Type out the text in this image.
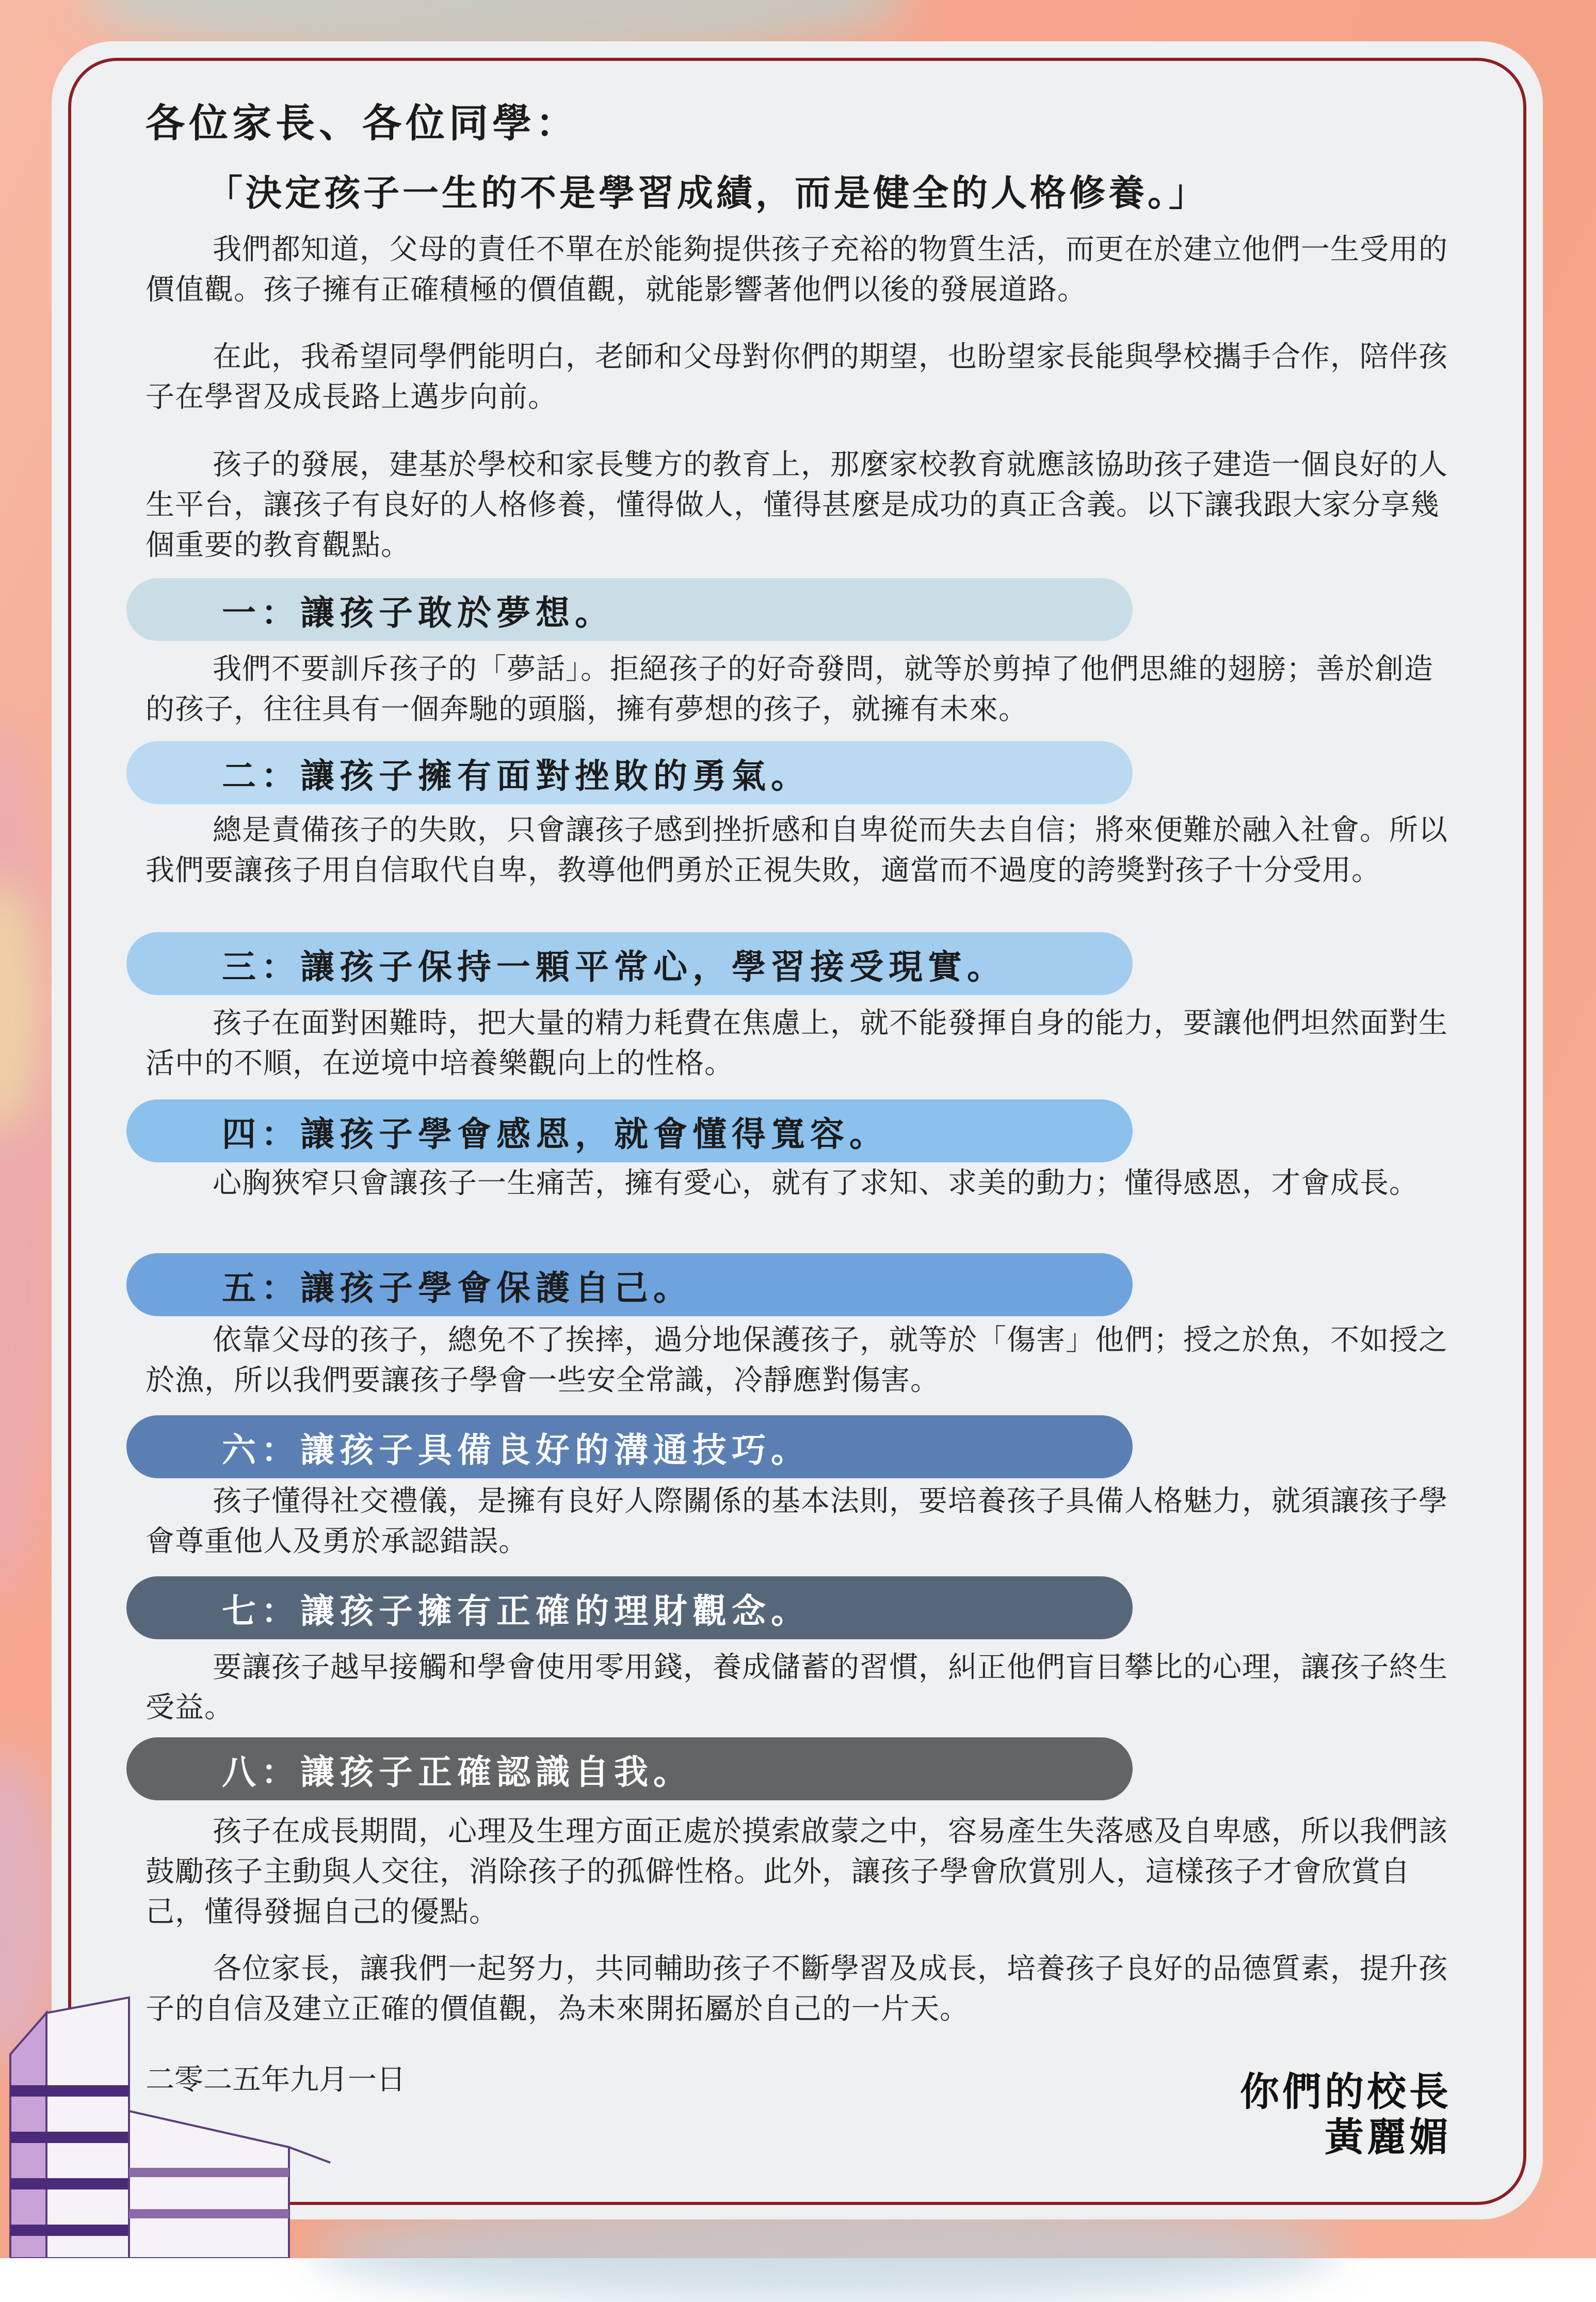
各位家長、各位同學：
「決定孩子一生的不是學習成績，而是健全的人格修養。」
我們都知道，父母的責任不單在於能夠提供孩子充裕的物質生活，而更在於建立他們一生受用的價值觀。孩子擁有正確積極的價值觀，就能影響著他們以後的發展道路。
在此，我希望同學們能明白，老師和父母對你們的期望，也盼望家長能與學校攜手合作，陪伴孩子在學習及成長路上邁步向前。
孩子的發展，建基於學校和家長雙方的教育上，那麼家校教育就應該協助孩子建造一個良好的人生平台，讓孩子有良好的人格修養，懂得做人，懂得甚麼是成功的真正含義。以下讓我跟大家分享幾個重要的教育觀點。
一：讓孩子敢於夢想。
我們不要訓斥孩子的「夢話」。拒絕孩子的好奇發問，就等於剪掉了他們思維的翅膀；善於創造的孩子，往往具有一個奔馳的頭腦，擁有夢想的孩子，就擁有未來。
二：讓孩子擁有面對挫敗的勇氣。
總是責備孩子的失敗，只會讓孩子感到挫折感和自卑從而失去自信；將來便難於融入社會。所以我們要讓孩子用自信取代自卑，教導他們勇於正視失敗，適當而不過度的誇獎對孩子十分受用。
三：讓孩子保持一顆平常心，學習接受現實。
孩子在面對困難時，把大量的精力耗費在焦慮上，就不能發揮自身的能力，要讓他們坦然面對生活中的不順，在逆境中培養樂觀向上的性格。
四：讓孩子學會感恩，就會懂得寬容。
心胸狹窄只會讓孩子一生痛苦，擁有愛心，就有了求知、求美的動力；懂得感恩，才會成長。
五：讓孩子學會保護自己。
依靠父母的孩子，總免不了挨摔，過分地保護孩子，就等於「傷害」他們；授之於魚，不如授之於漁，所以我們要讓孩子學會一些安全常識，冷靜應對傷害。
六：讓孩子具備良好的溝通技巧。
孩子懂得社交禮儀，是擁有良好人際關係的基本法則，要培養孩子具備人格魅力，就須讓孩子學會尊重他人及勇於承認錯誤。
七：讓孩子擁有正確的理財觀念。
要讓孩子越早接觸和學會使用零用錢，養成儲蓄的習慣，糾正他們盲目攀比的心理，讓孩子終生受益。
八：讓孩子正確認識自我。
孩子在成長期間，心理及生理方面正處於摸索啟蒙之中，容易產生失落感及自卑感，所以我們該鼓勵孩子主動與人交往，消除孩子的孤僻性格。此外，讓孩子學會欣賞別人，這樣孩子才會欣賞自己，懂得發掘自己的優點。
各位家長，讓我們一起努力，共同輔助孩子不斷學習及成長，培養孩子良好的品德質素，提升孩子的自信及建立正確的價值觀，為未來開拓屬於自己的一片天。
二零二五年九月一日	你們的校長
黃麗媚
